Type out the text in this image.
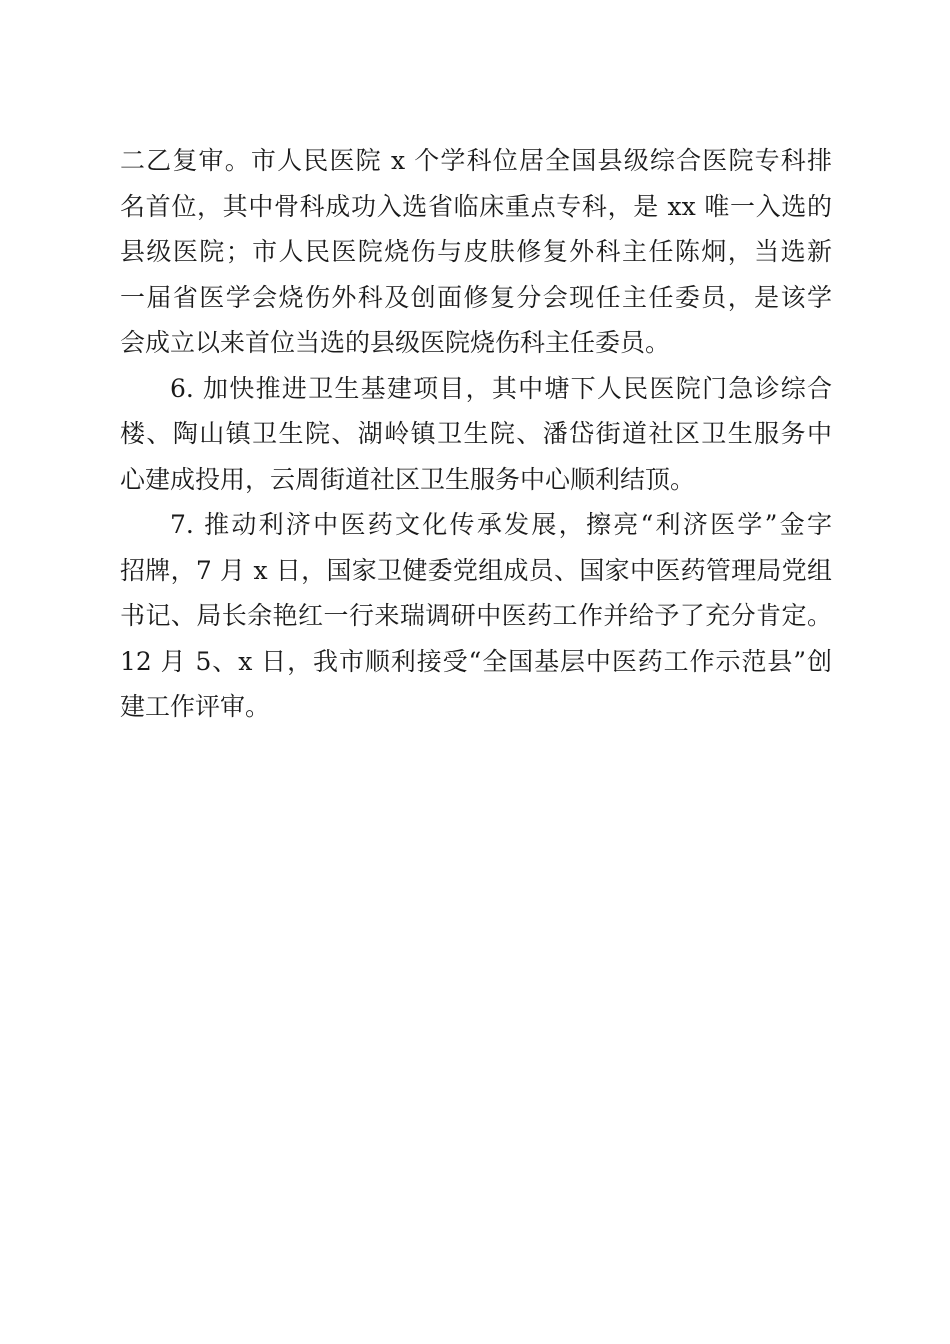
二乙复审。市人民医院 x 个学科位居全国县级综合医院专科排
名首位，其中骨科成功入选省临床重点专科，是 xx 唯一入选的
县级医院；市人民医院烧伤与皮肤修复外科主任陈炯，当选新
一届省医学会烧伤外科及创面修复分会现任主任委员，是该学
会成立以来首位当选的县级医院烧伤科主任委员。
6. 加快推进卫生基建项目，其中塘下人民医院门急诊综合
楼、陶山镇卫生院、湖岭镇卫生院、潘岱街道社区卫生服务中
心建成投用，云周街道社区卫生服务中心顺利结顶。
7. 推动利济中医药文化传承发展，擦亮“利济医学”金字
招牌，7 月 x 日，国家卫健委党组成员、国家中医药管理局党组
书记、局长余艳红一行来瑞调研中医药工作并给予了充分肯定。
12 月 5、x 日，我市顺利接受“全国基层中医药工作示范县”创
建工作评审。
